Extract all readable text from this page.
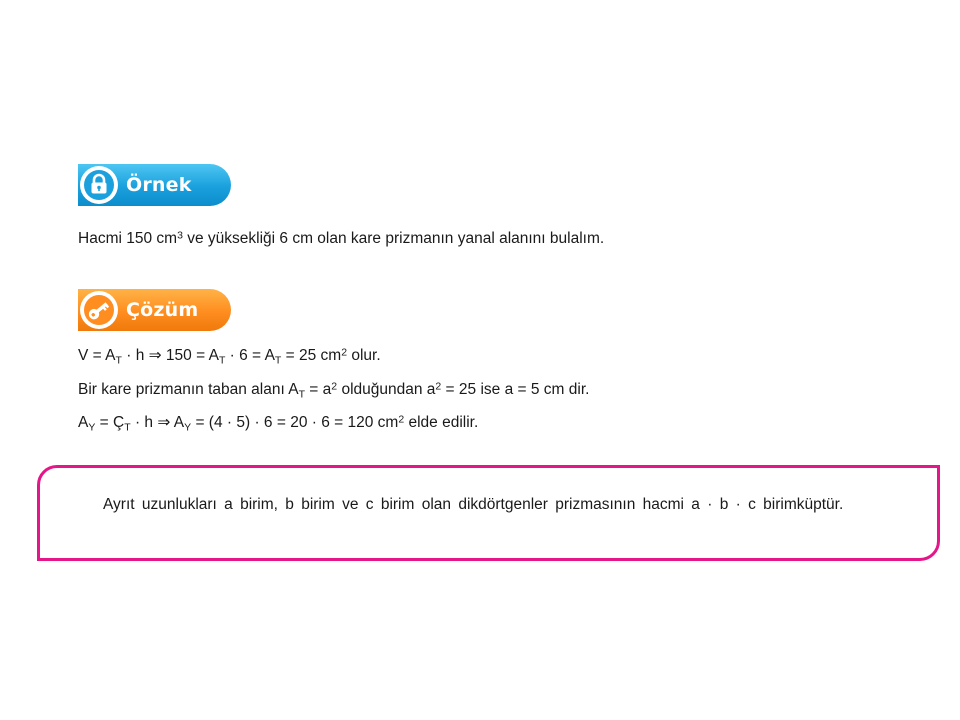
Örnek
Hacmi 150 $cm^3$ ve yüksekliği 6 cm olan kare prizmanın yanal alanını bulalım.
Çözüm
$V = A_T \cdot h$ ⇒ $150 = A_T \cdot 6 = A_T = 25$ $cm^2$ olur.
Bir kare prizmanın taban alanı $A_T = a^2$ olduğundan $a^2 = 25$ ise a = 5 cm dir.
$A_Y$ = $Ç_T \cdot h$ ⇒ $A_Y = (4 \cdot 5) \cdot 6 = 20 \cdot 6 = 120$ $cm^2$ elde edilir.
Ayrıt uzunlukları a birim, b birim ve c birim olan dikdörtgenler prizmasının hacmi a · b · c birimküptür.
